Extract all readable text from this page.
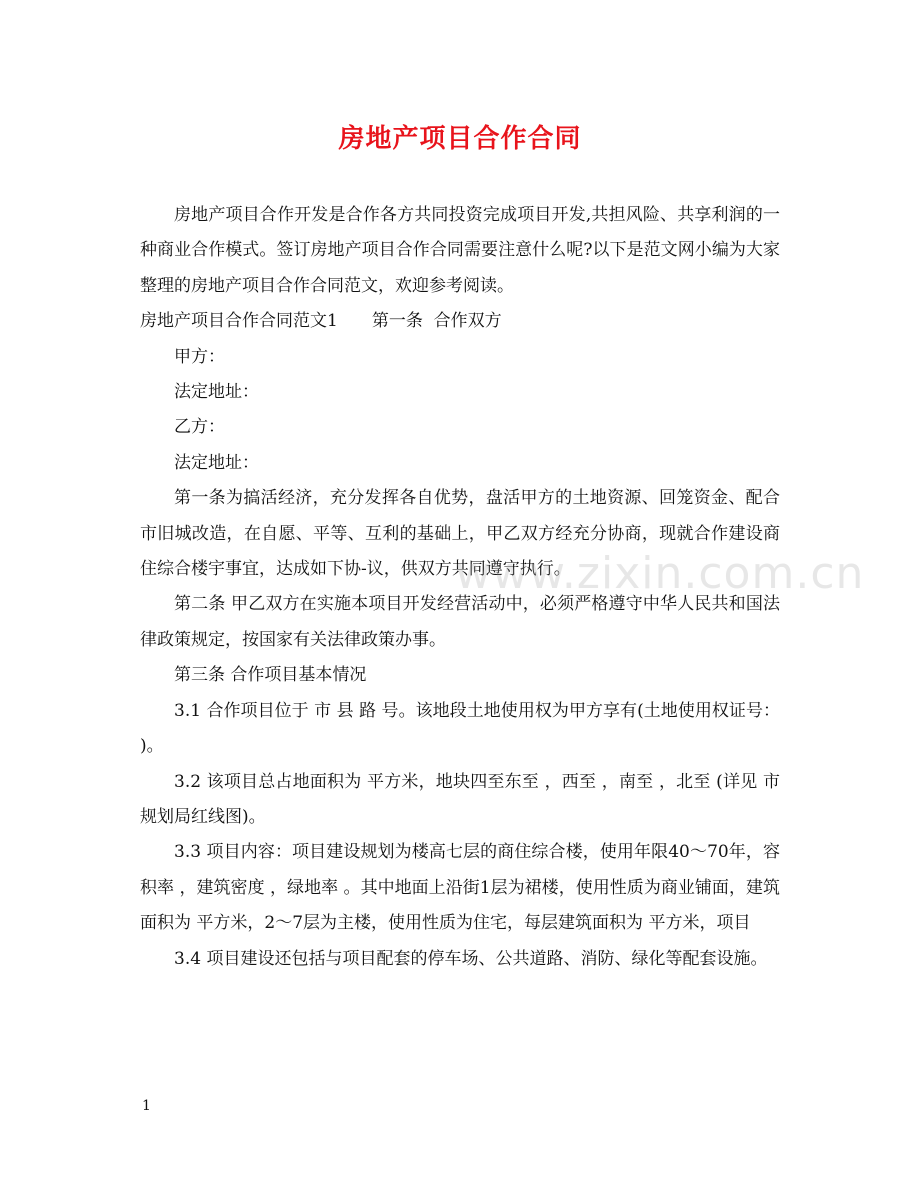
房地产项目合作合同

房地产项目合作开发是合作各方共同投资完成项目开发,共担风险、共享利润的一种商业合作模式。签订房地产项目合作合同需要注意什么呢?以下是范文网小编为大家整理的房地产项目合作合同范文，欢迎参考阅读。

房地产项目合作合同范文1　　第一条  合作双方

甲方：

法定地址：

乙方：

法定地址：

第一条为搞活经济，充分发挥各自优势，盘活甲方的土地资源、回笼资金、配合 市旧城改造，在自愿、平等、互利的基础上，甲乙双方经充分协商，现就合作建设商住综合楼宇事宜，达成如下协-议，供双方共同遵守执行。

第二条 甲乙双方在实施本项目开发经营活动中，必须严格遵守中华人民共和国法律政策规定，按国家有关法律政策办事。

第三条 合作项目基本情况

3.1 合作项目位于 市 县 路 号。该地段土地使用权为甲方享有(土地使用权证号： )。

3.2 该项目总占地面积为 平方米，地块四至东至 ，西至 ，南至 ，北至 (详见 市规划局红线图)。

3.3 项目内容：项目建设规划为楼高七层的商住综合楼，使用年限40～70年，容积率 ，建筑密度 ，绿地率 。其中地面上沿街1层为裙楼，使用性质为商业铺面，建筑面积为 平方米，2～7层为主楼，使用性质为住宅，每层建筑面积为 平方米，项目

3.4 项目建设还包括与项目配套的停车场、公共道路、消防、绿化等配套设施。

www.zixin.com.cn
1
